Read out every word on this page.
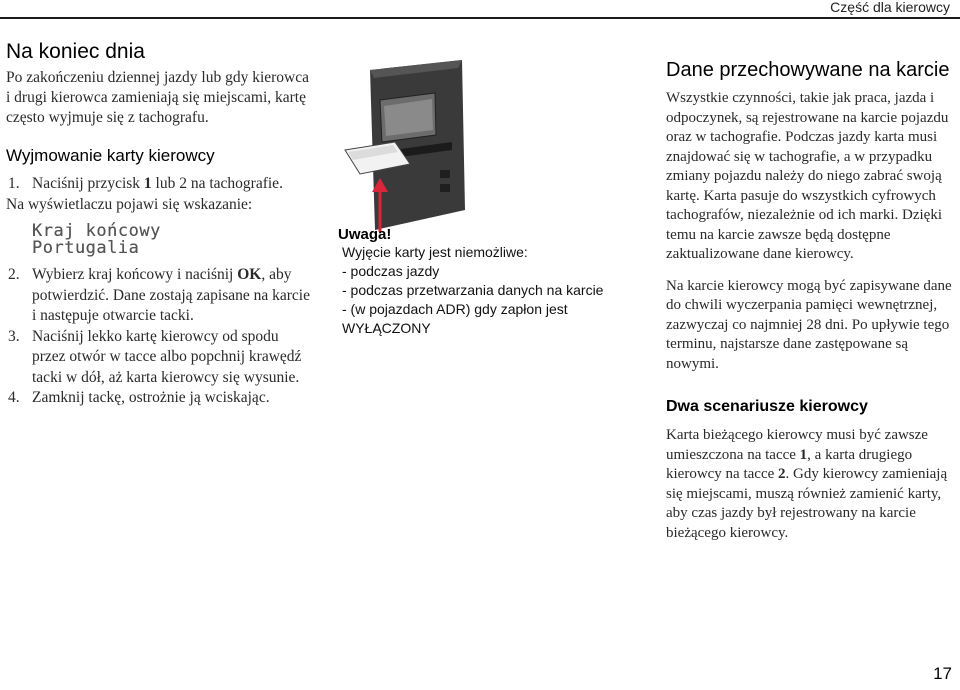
Część dla kierowcy
Na koniec dnia

Po zakończeniu dziennej jazdy lub gdy kierowca i drugi kierowca zamieniają się miejscami, kartę często wyjmuje się z tachografu.

Wyjmowanie karty kierowcy
1. Naciśnij przycisk 1 lub 2 na tachografie.
Na wyświetlaczu pojawi się wskazanie:
Kraj końcowy
Portugalia
2. Wybierz kraj końcowy i naciśnij OK, aby potwierdzić. Dane zostają zapisane na karcie i następuje otwarcie tacki.
3. Naciśnij lekko kartę kierowcy od spodu przez otwór w tacce albo popchnij krawędź tacki w dół, aż karta kierowcy się wysunie.
4. Zamknij tackę, ostrożnie ją wciskając.

Uwaga!

Wyjęcie karty jest niemożliwe:

- podczas jazdy

- podczas przetwarzania danych na karcie

- (w pojazdach ADR) gdy zapłon jest WYŁĄCZONY

Dane przechowywane na karcie

Wszystkie czynności, takie jak praca, jazda i odpoczynek, są rejestrowane na karcie pojazdu oraz w tachografie. Podczas jazdy karta musi znajdować się w tachografie, a w przypadku zmiany pojazdu należy do niego zabrać swoją kartę. Karta pasuje do wszystkich cyfrowych tachografów, niezależnie od ich marki. Dzięki temu na karcie zawsze będą dostępne zaktualizowane dane kierowcy.

Na karcie kierowcy mogą być zapisywane dane do chwili wyczerpania pamięci wewnętrznej, zazwyczaj co najmniej 28 dni. Po upływie tego terminu, najstarsze dane zastępowane są nowymi.

Dwa scenariusze kierowcy

Karta bieżącego kierowcy musi być zawsze umieszczona na tacce 1, a karta drugiego kierowcy na tacce 2. Gdy kierowcy zamieniają się miejscami, muszą również zamienić karty, aby czas jazdy był rejestrowany na karcie bieżącego kierowcy.

17
